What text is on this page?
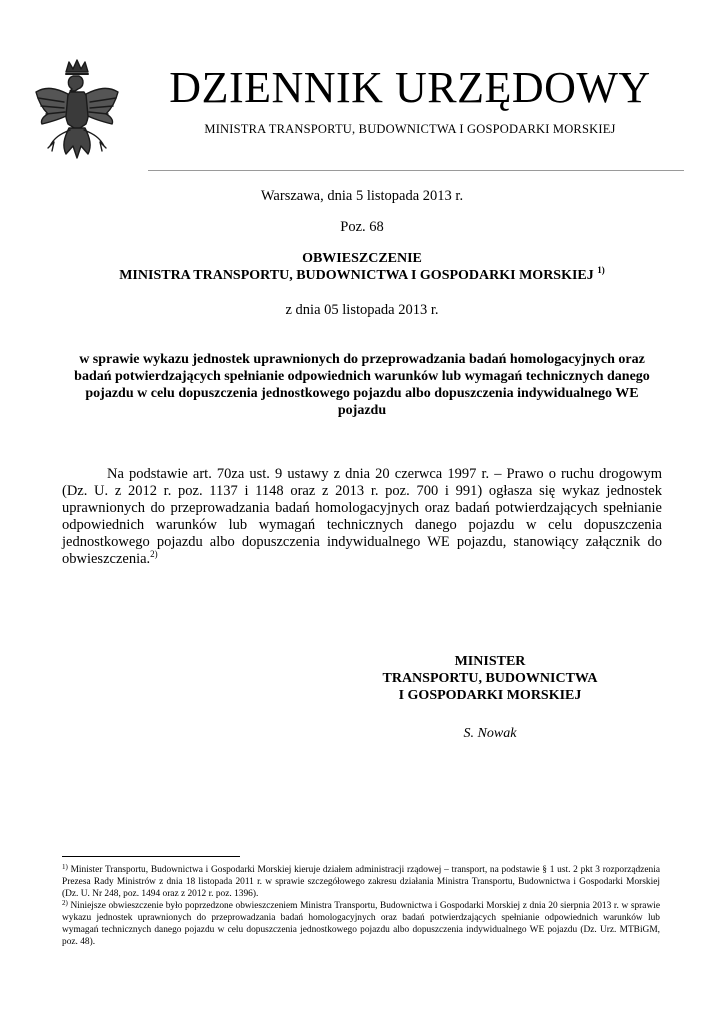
DZIENNIK URZĘDOWY
MINISTRA TRANSPORTU, BUDOWNICTWA I GOSPODARKI MORSKIEJ
Warszawa, dnia 5 listopada 2013 r.
Poz. 68
OBWIESZCZENIE
MINISTRA TRANSPORTU, BUDOWNICTWA I GOSPODARKI MORSKIEJ $^{1)}$
z dnia 05 listopada 2013 r.
w sprawie wykazu jednostek uprawnionych do przeprowadzania badań homologacyjnych oraz badań potwierdzających spełnianie odpowiednich warunków lub wymagań technicznych danego pojazdu w celu dopuszczenia jednostkowego pojazdu albo dopuszczenia indywidualnego WE pojazdu
Na podstawie art. 70za ust. 9 ustawy z dnia 20 czerwca 1997 r. – Prawo o ruchu drogowym (Dz. U. z 2012 r. poz. 1137 i 1148 oraz z 2013 r. poz. 700 i 991) ogłasza się wykaz jednostek uprawnionych do przeprowadzania badań homologacyjnych oraz badań potwierdzających spełnianie odpowiednich warunków lub wymagań technicznych danego pojazdu w celu dopuszczenia jednostkowego pojazdu albo dopuszczenia indywidualnego WE pojazdu, stanowiący załącznik do obwieszczenia.$^{2)}$
MINISTER
TRANSPORTU, BUDOWNICTWA
I GOSPODARKI MORSKIEJ
S. Nowak

$^{1)}$ Minister Transportu, Budownictwa i Gospodarki Morskiej kieruje działem administracji rządowej – transport, na podstawie § 1 ust. 2 pkt 3 rozporządzenia Prezesa Rady Ministrów z dnia 18 listopada 2011 r. w sprawie szczegółowego zakresu działania Ministra Transportu, Budownictwa i Gospodarki Morskiej (Dz. U. Nr 248, poz. 1494 oraz z 2012 r. poz. 1396).

$^{2)}$ Niniejsze obwieszczenie było poprzedzone obwieszczeniem Ministra Transportu, Budownictwa i Gospodarki Morskiej z dnia 20 sierpnia 2013 r. w sprawie wykazu jednostek uprawnionych do przeprowadzania badań homologacyjnych oraz badań potwierdzających spełnianie odpowiednich warunków lub wymagań technicznych danego pojazdu w celu dopuszczenia jednostkowego pojazdu albo dopuszczenia indywidualnego WE pojazdu (Dz. Urz. MTBiGM, poz. 48).
